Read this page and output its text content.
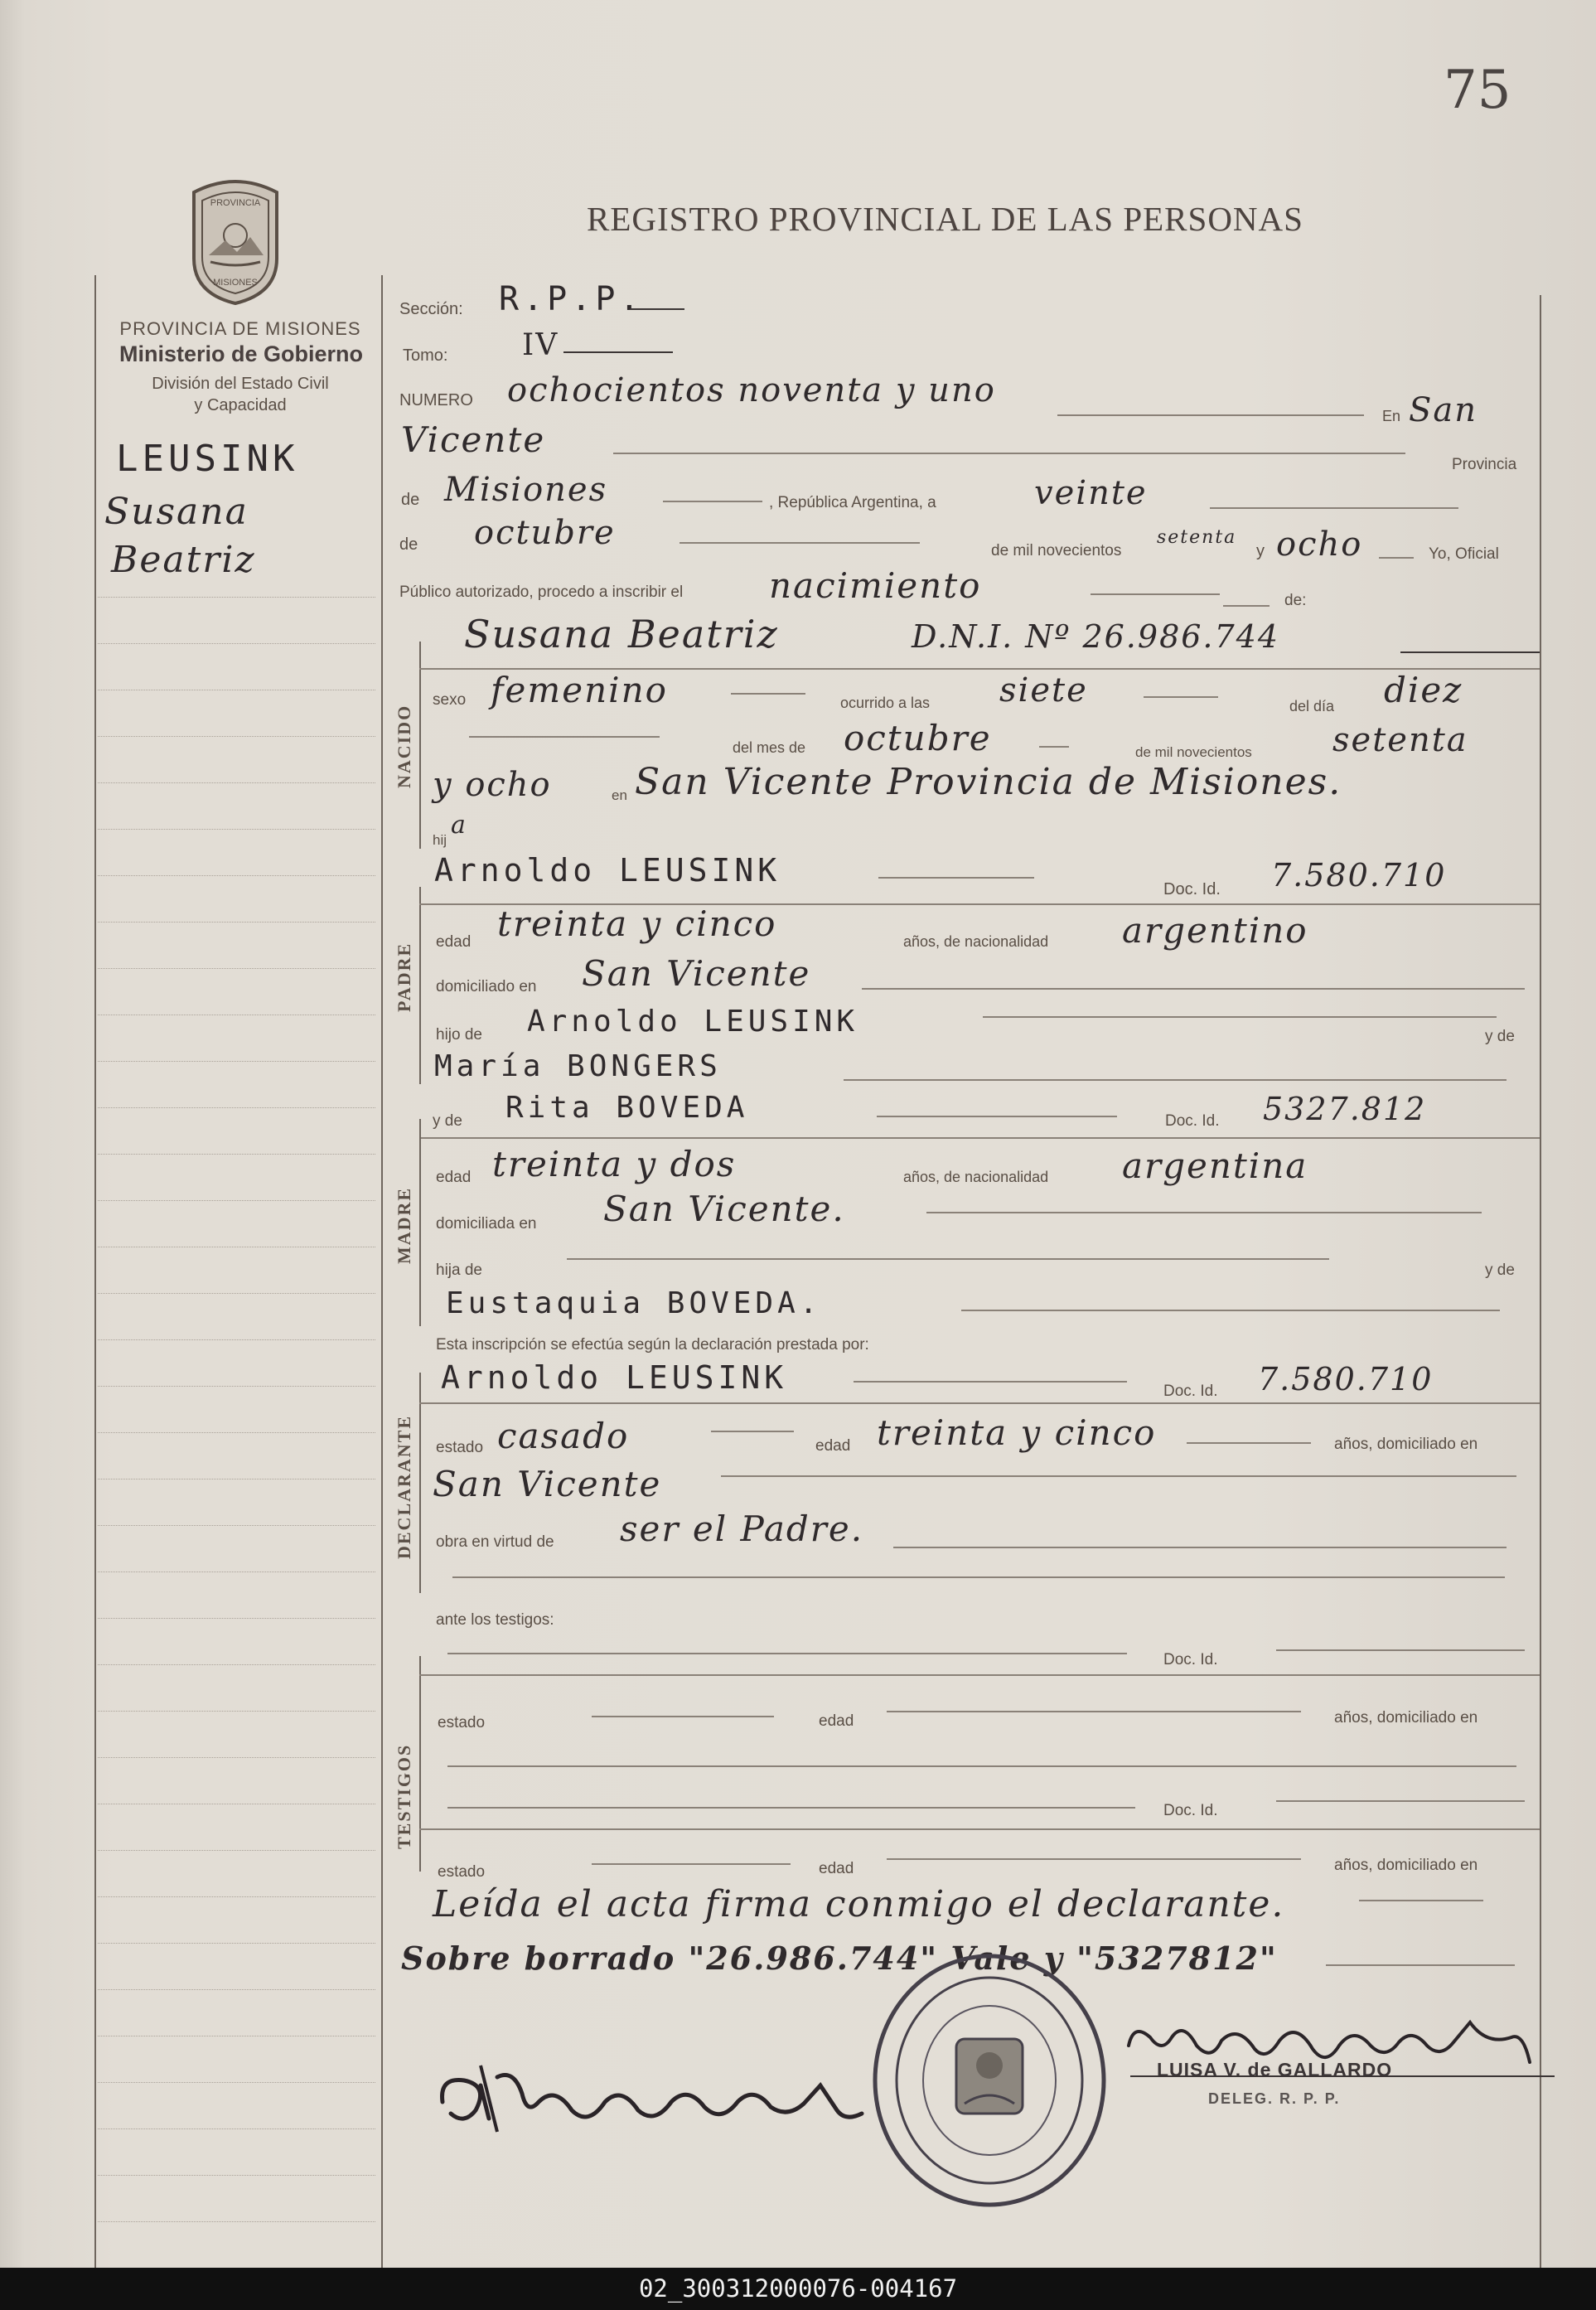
75
REGISTRO PROVINCIAL DE LAS PERSONAS
PROVINCIA
MISIONES
PROVINCIA DE MISIONES
Ministerio de Gobierno
División del Estado Civil
y Capacidad
LEUSINK
Susana
Beatriz
Sección: R.P.P.
Tomo: IV
NUMERO ochocientos noventa y uno
En San
Vicente
Provincia
de Misiones	, República Argentina, a	veinte
de octubre	de mil novecientos
setenta
y ocho	Yo, Oficial
Público autorizado, procedo a inscribir el nacimiento	de:
NACIDO
Susana Beatriz	D.N.I. Nº 26.986.744
sexo femenino	ocurrido a las siete	del día diez
del mes de octubre	de mil novecientos setenta
y ocho	en San Vicente Provincia de Misiones.
hij
a
PADRE
Arnoldo LEUSINK
Doc. Id. 7.580.710
edad treinta y cinco	años, de nacionalidad argentino
domiciliado en San Vicente
hijo de Arnoldo LEUSINK	y de
María BONGERS
y de Rita BOVEDA	Doc. Id. 5327.812
MADRE
edad treinta y dos	años, de nacionalidad argentina
domiciliada en San Vicente.
hija de	y de
Eustaquia BOVEDA.
Esta inscripción se efectúa según la declaración prestada por:
DECLARANTE
Arnoldo LEUSINK	Doc. Id. 7.580.710
estado casado	edad treinta y cinco	años, domiciliado en
San Vicente
obra en virtud de ser el Padre.
ante los testigos:
TESTIGOS
Doc. Id.
estado	edad	años, domiciliado en
Doc. Id.
estado	edad	años, domiciliado en
Leída el acta firma conmigo el declarante.
Sobre borrado "26.986.744" Vale y "5327812"
LUISA V. de GALLARDO
DELEG. R. P. P.
02_300312000076-004167
